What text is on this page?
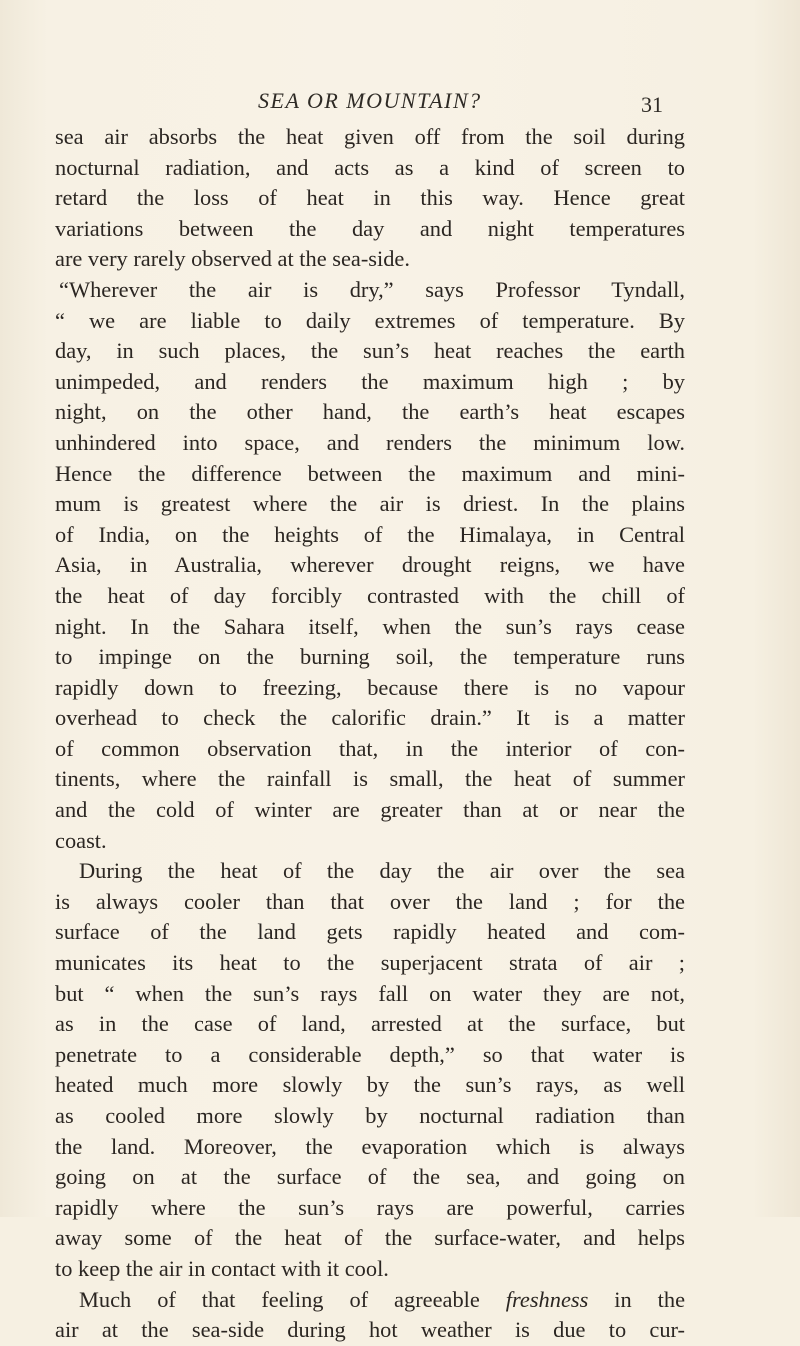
SEA OR MOUNTAIN?	31
sea air absorbs the heat given off from the soil during
nocturnal radiation, and acts as a kind of screen to
retard the loss of heat in this way. Hence great
variations between the day and night temperatures
are very rarely observed at the sea-side.
“Wherever the air is dry,” says Professor Tyndall,
“ we are liable to daily extremes of temperature. By
day, in such places, the sun’s heat reaches the earth
unimpeded, and renders the maximum high ; by
night, on the other hand, the earth’s heat escapes
unhindered into space, and renders the minimum low.
Hence the difference between the maximum and mini-
mum is greatest where the air is driest. In the plains
of India, on the heights of the Himalaya, in Central
Asia, in Australia, wherever drought reigns, we have
the heat of day forcibly contrasted with the chill of
night. In the Sahara itself, when the sun’s rays cease
to impinge on the burning soil, the temperature runs
rapidly down to freezing, because there is no vapour
overhead to check the calorific drain.” It is a matter
of common observation that, in the interior of con-
tinents, where the rainfall is small, the heat of summer
and the cold of winter are greater than at or near the
coast.
During the heat of the day the air over the sea
is always cooler than that over the land ; for the
surface of the land gets rapidly heated and com-
municates its heat to the superjacent strata of air ;
but “ when the sun’s rays fall on water they are not,
as in the case of land, arrested at the surface, but
penetrate to a considerable depth,” so that water is
heated much more slowly by the sun’s rays, as well
as cooled more slowly by nocturnal radiation than
the land. Moreover, the evaporation which is always
going on at the surface of the sea, and going on
rapidly where the sun’s rays are powerful, carries
away some of the heat of the surface-water, and helps
to keep the air in contact with it cool.
Much of that feeling of agreeable freshness in the
air at the sea-side during hot weather is due to cur-
